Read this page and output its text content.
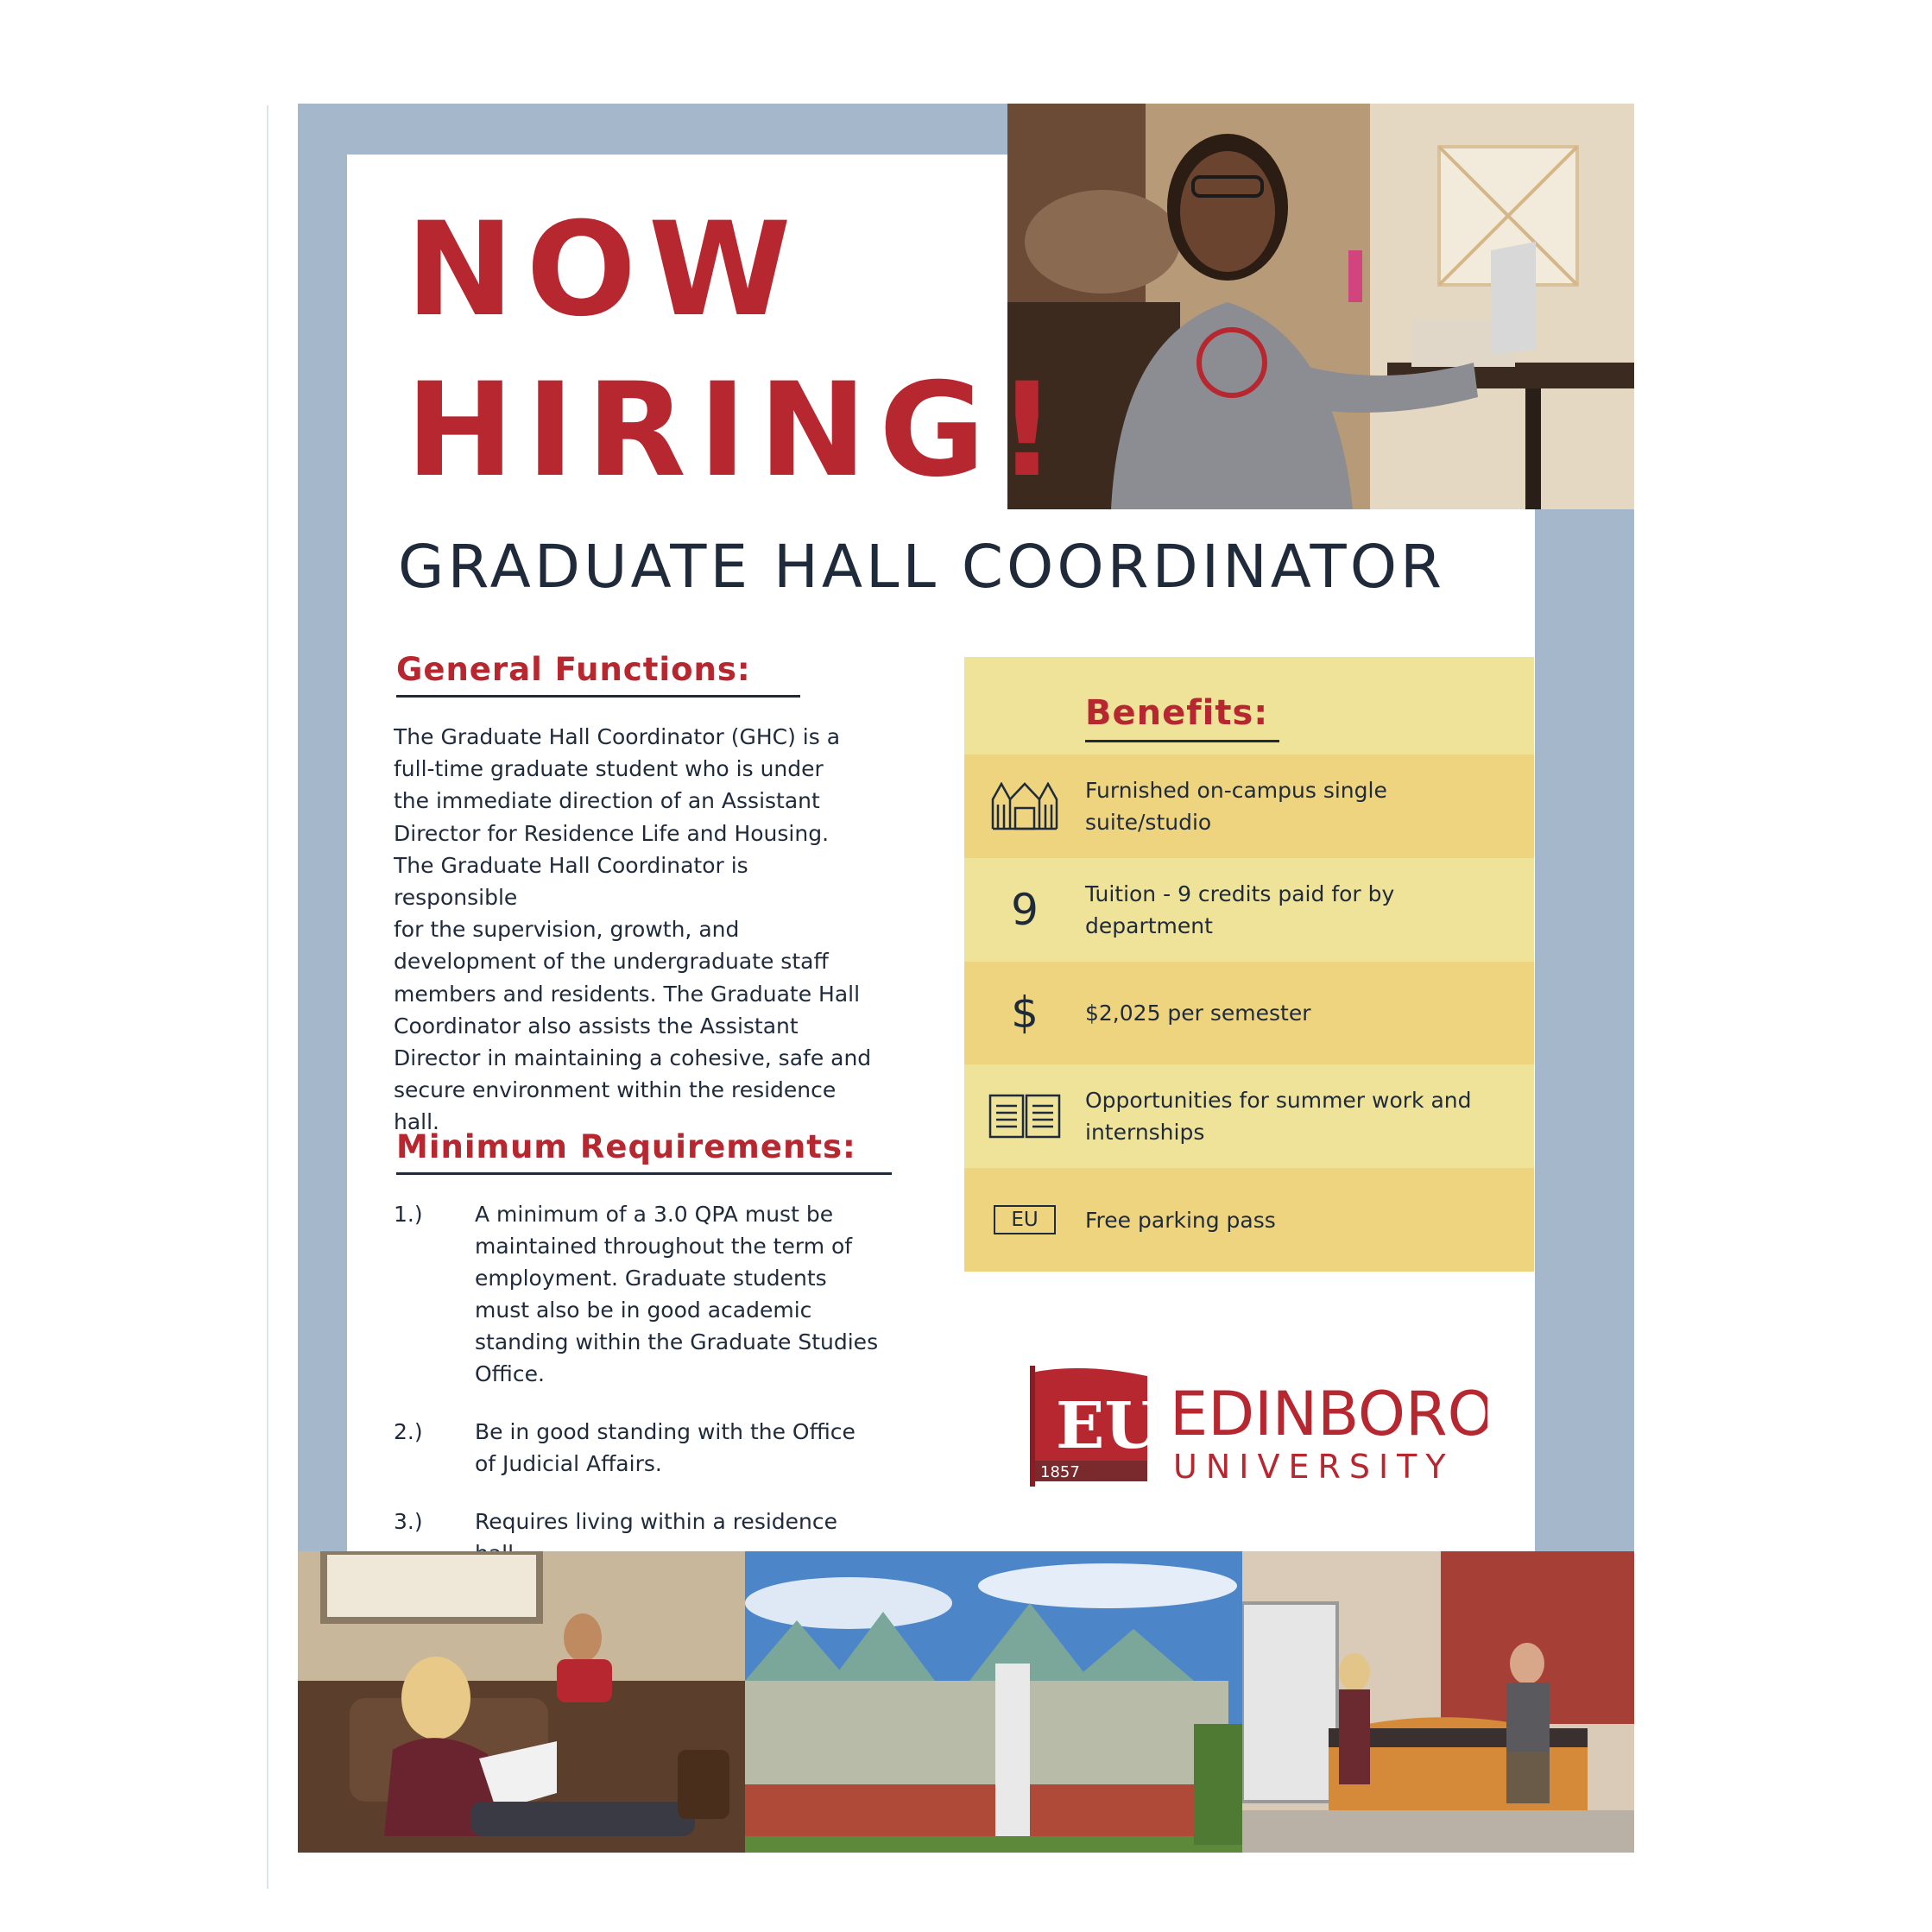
NOW
HIRING!
GRADUATE HALL COORDINATOR
General Functions:

The Graduate Hall Coordinator (GHC) is a
full-time graduate student who is under
the immediate direction of an Assistant
Director for Residence Life and Housing.
The Graduate Hall Coordinator is responsible
for the supervision, growth, and
development of the undergraduate staff
members and residents. The Graduate Hall
Coordinator also assists the Assistant
Director in maintaining a cohesive, safe and
secure environment within the residence hall.

Minimum Requirements:
1.)	A minimum of a 3.0 QPA must be maintained throughout the term of employment. Graduate students must also be in good academic standing within the Graduate Studies Office.
2.)	Be in good standing with the Office of Judicial Affairs.
3.)	Requires living within a residence
Benefits:
Furnished on-campus single suite/studio
9 Tuition - 9 credits paid for by department
$ $2,025 per semester
Opportunities for summer work and internships
EU	Free parking pass
EU
1857
EDINBORO
UNIVERSITY
